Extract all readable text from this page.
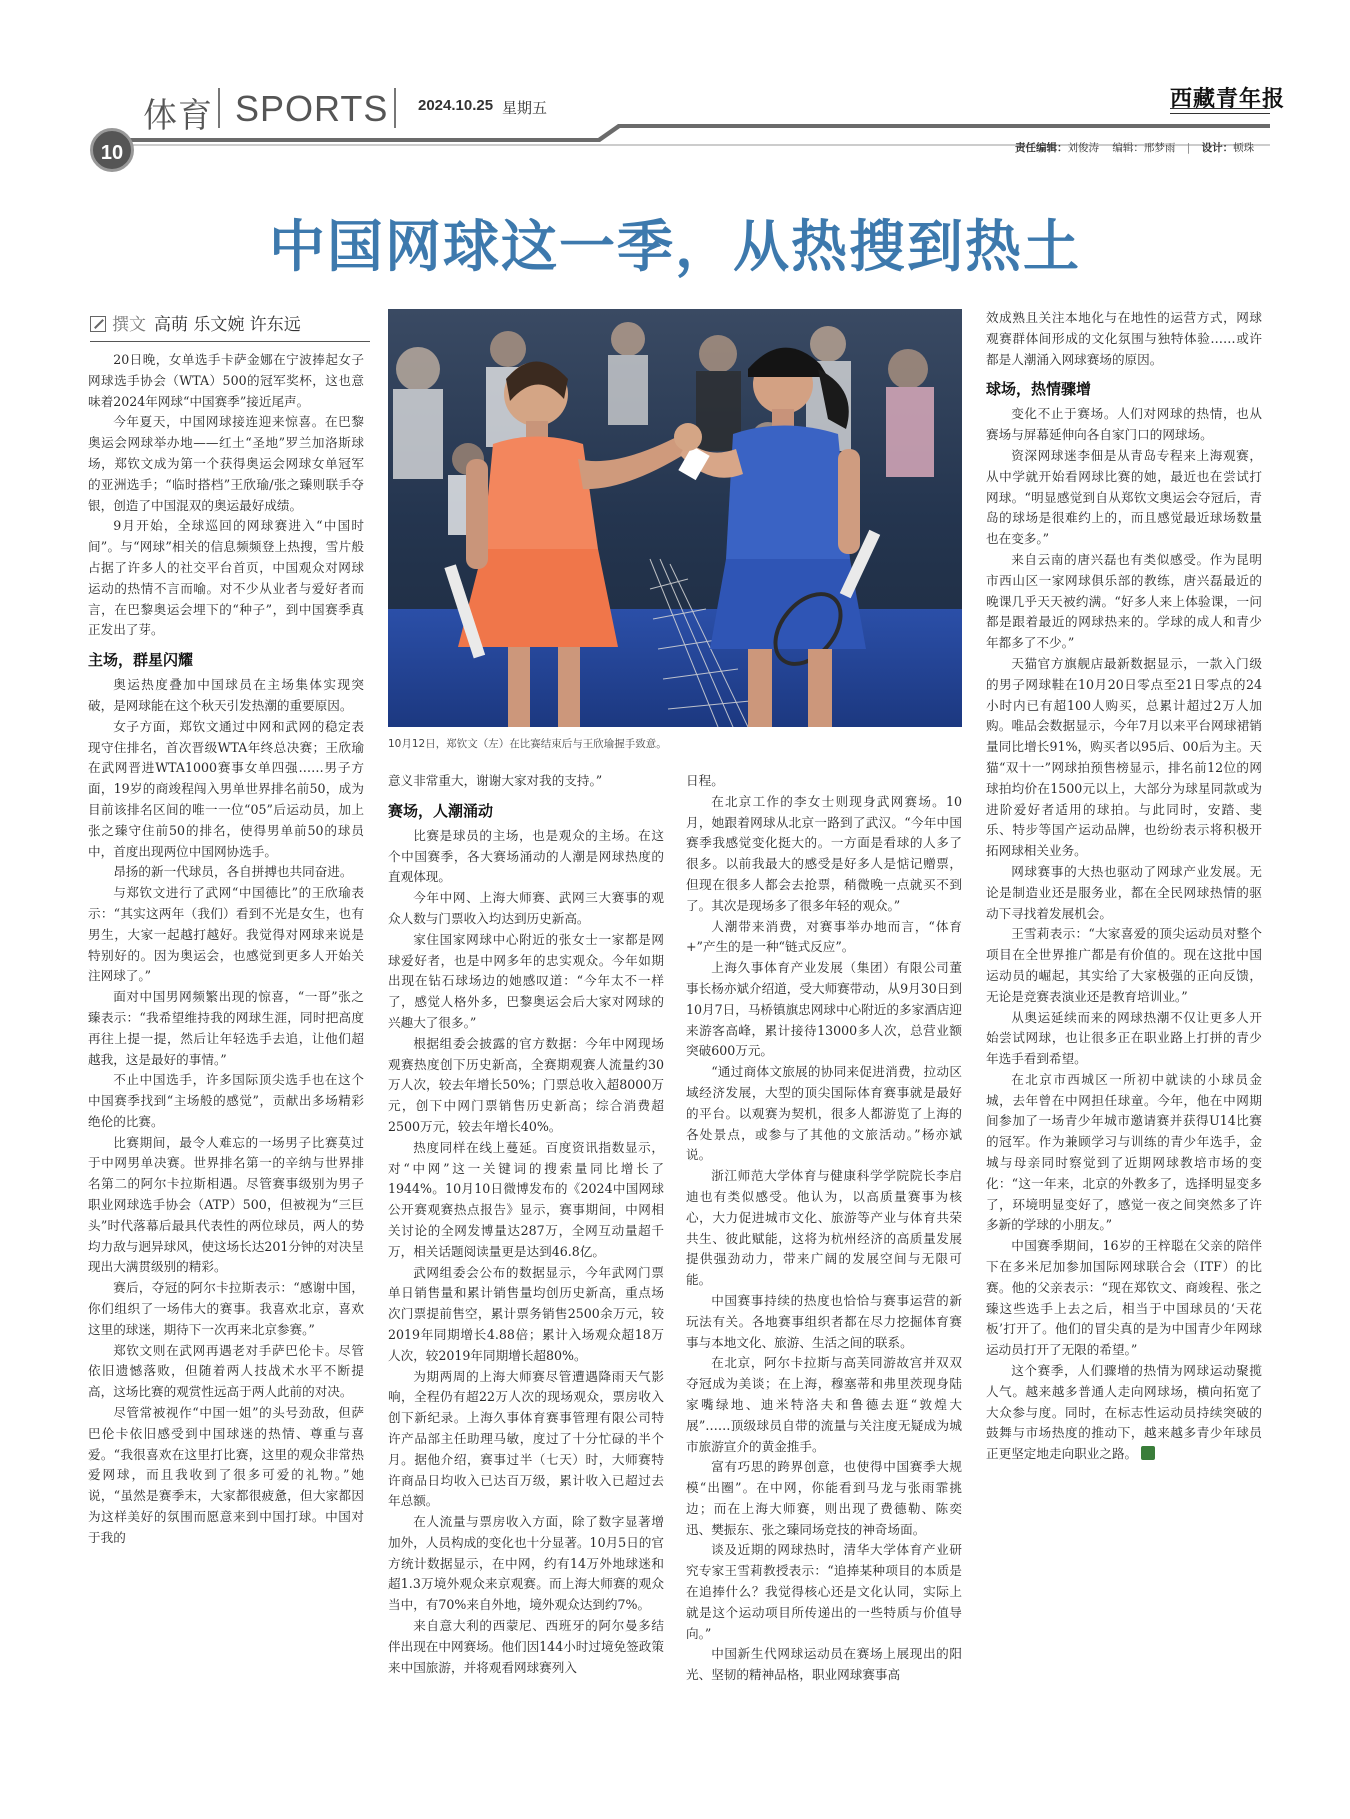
体育 SPORTS 2024.10.25 星期五	西藏青年报
10	责任编辑：刘俊涛 编辑：邢梦雨 | 设计：顿珠
中国网球这一季，从热搜到热土
撰文 高萌 乐文婉 许东远
10月12日，郑钦文（左）在比赛结束后与王欣瑜握手致意。

20日晚，女单选手卡萨金娜在宁波捧起女子网球选手协会（WTA）500的冠军奖杯，这也意味着2024年网球“中国赛季”接近尾声。

今年夏天，中国网球接连迎来惊喜。在巴黎奥运会网球举办地——红土“圣地”罗兰加洛斯球场，郑钦文成为第一个获得奥运会网球女单冠军的亚洲选手；“临时搭档”王欣瑜/张之臻则联手夺银，创造了中国混双的奥运最好成绩。

9月开始，全球巡回的网球赛进入“中国时间”。与“网球”相关的信息频频登上热搜，雪片般占据了许多人的社交平台首页，中国观众对网球运动的热情不言而喻。对不少从业者与爱好者而言，在巴黎奥运会埋下的“种子”，到中国赛季真正发出了芽。

主场，群星闪耀

奥运热度叠加中国球员在主场集体实现突破，是网球能在这个秋天引发热潮的重要原因。

女子方面，郑钦文通过中网和武网的稳定表现守住排名，首次晋级WTA年终总决赛；王欣瑜在武网晋进WTA1000赛事女单四强……男子方面，19岁的商竣程闯入男单世界排名前50，成为目前该排名区间的唯一一位“05”后运动员，加上张之臻守住前50的排名，使得男单前50的球员中，首度出现两位中国网协选手。

昂扬的新一代球员，各自拼搏也共同奋进。

与郑钦文进行了武网“中国德比”的王欣瑜表示：“其实这两年（我们）看到不光是女生，也有男生，大家一起越打越好。我觉得对网球来说是特别好的。因为奥运会，也感觉到更多人开始关注网球了。”

面对中国男网频繁出现的惊喜，“一哥”张之臻表示：“我希望维持我的网球生涯，同时把高度再往上提一提，然后让年轻选手去追，让他们超越我，这是最好的事情。”

不止中国选手，许多国际顶尖选手也在这个中国赛季找到“主场般的感觉”，贡献出多场精彩绝伦的比赛。

比赛期间，最令人难忘的一场男子比赛莫过于中网男单决赛。世界排名第一的辛纳与世界排名第二的阿尔卡拉斯相遇。尽管赛事级别为男子职业网球选手协会（ATP）500，但被视为“三巨头”时代落幕后最具代表性的两位球员，两人的势均力敌与迥异球风，使这场长达201分钟的对决呈现出大满贯级别的精彩。

赛后，夺冠的阿尔卡拉斯表示：“感谢中国，你们组织了一场伟大的赛事。我喜欢北京，喜欢这里的球迷，期待下一次再来北京参赛。”

郑钦文则在武网再遇老对手萨巴伦卡。尽管依旧遗憾落败，但随着两人技战术水平不断提高，这场比赛的观赏性远高于两人此前的对决。

尽管常被视作“中国一姐”的头号劲敌，但萨巴伦卡依旧感受到中国球迷的热情、尊重与喜爱。“我很喜欢在这里打比赛，这里的观众非常热爱网球，而且我收到了很多可爱的礼物。”她说，“虽然是赛季末，大家都很疲惫，但大家都因为这样美好的氛围而愿意来到中国打球。中国对于我的

意义非常重大，谢谢大家对我的支持。”

赛场，人潮涌动

比赛是球员的主场，也是观众的主场。在这个中国赛季，各大赛场涌动的人潮是网球热度的直观体现。

今年中网、上海大师赛、武网三大赛事的观众人数与门票收入均达到历史新高。

家住国家网球中心附近的张女士一家都是网球爱好者，也是中网多年的忠实观众。今年如期出现在钻石球场边的她感叹道：“今年太不一样了，感觉人格外多，巴黎奥运会后大家对网球的兴趣大了很多。”

根据组委会披露的官方数据：今年中网现场观赛热度创下历史新高，全赛期观赛人流量约30万人次，较去年增长50%；门票总收入超8000万元，创下中网门票销售历史新高；综合消费超2500万元，较去年增长40%。

热度同样在线上蔓延。百度资讯指数显示，对“中网”这一关键词的搜索量同比增长了1944%。10月10日微博发布的《2024中国网球公开赛观赛热点报告》显示，赛事期间，中网相关讨论的全网发博量达287万，全网互动量超千万，相关话题阅读量更是达到46.8亿。

武网组委会公布的数据显示，今年武网门票单日销售量和累计销售量均创历史新高，重点场次门票提前售空，累计票务销售2500余万元，较2019年同期增长4.88倍；累计入场观众超18万人次，较2019年同期增长超80%。

为期两周的上海大师赛尽管遭遇降雨天气影响，全程仍有超22万人次的现场观众，票房收入创下新纪录。上海久事体育赛事管理有限公司特许产品部主任助理马敏，度过了十分忙碌的半个月。据他介绍，赛事过半（七天）时，大师赛特许商品日均收入已达百万级，累计收入已超过去年总额。

在人流量与票房收入方面，除了数字显著增加外，人员构成的变化也十分显著。10月5日的官方统计数据显示，在中网，约有14万外地球迷和超1.3万境外观众来京观赛。而上海大师赛的观众当中，有70%来自外地，境外观众达到约7%。

来自意大利的西蒙尼、西班牙的阿尔曼多结伴出现在中网赛场。他们因144小时过境免签政策来中国旅游，并将观看网球赛列入

日程。

在北京工作的李女士则现身武网赛场。10月，她跟着网球从北京一路到了武汉。“今年中国赛季我感觉变化挺大的。一方面是看球的人多了很多。以前我最大的感受是好多人是惦记赠票，但现在很多人都会去抢票，稍微晚一点就买不到了。其次是现场多了很多年轻的观众。”

人潮带来消费，对赛事举办地而言，“体育+”产生的是一种“链式反应”。

上海久事体育产业发展（集团）有限公司董事长杨亦斌介绍道，受大师赛带动，从9月30日到10月7日，马桥镇旗忠网球中心附近的多家酒店迎来游客高峰，累计接待13000多人次，总营业额突破600万元。

“通过商体文旅展的协同来促进消费，拉动区域经济发展，大型的顶尖国际体育赛事就是最好的平台。以观赛为契机，很多人都游览了上海的各处景点，或参与了其他的文旅活动。”杨亦斌说。

浙江师范大学体育与健康科学学院院长李启迪也有类似感受。他认为，以高质量赛事为核心，大力促进城市文化、旅游等产业与体育共荣共生、彼此赋能，这将为杭州经济的高质量发展提供强劲动力，带来广阔的发展空间与无限可能。

中国赛事持续的热度也恰恰与赛事运营的新玩法有关。各地赛事组织者都在尽力挖掘体育赛事与本地文化、旅游、生活之间的联系。

在北京，阿尔卡拉斯与高芙同游故宫并双双夺冠成为美谈；在上海，穆塞蒂和弗里茨现身陆家嘴绿地、迪米特洛夫和鲁德去逛“敦煌大展”……顶级球员自带的流量与关注度无疑成为城市旅游宣介的黄金推手。

富有巧思的跨界创意，也使得中国赛季大规模“出圈”。在中网，你能看到马龙与张雨霏挑边；而在上海大师赛，则出现了费德勒、陈奕迅、樊振东、张之臻同场竞技的神奇场面。

谈及近期的网球热时，清华大学体育产业研究专家王雪莉教授表示：“追捧某种项目的本质是在追捧什么？我觉得核心还是文化认同，实际上就是这个运动项目所传递出的一些特质与价值导向。”

中国新生代网球运动员在赛场上展现出的阳光、坚韧的精神品格，职业网球赛事高

效成熟且关注本地化与在地性的运营方式，网球观赛群体间形成的文化氛围与独特体验……或许都是人潮涌入网球赛场的原因。

球场，热情骤增

变化不止于赛场。人们对网球的热情，也从赛场与屏幕延伸向各自家门口的网球场。

资深网球迷李佃是从青岛专程来上海观赛，从中学就开始看网球比赛的她，最近也在尝试打网球。“明显感觉到自从郑钦文奥运会夺冠后，青岛的球场是很难约上的，而且感觉最近球场数量也在变多。”

来自云南的唐兴磊也有类似感受。作为昆明市西山区一家网球俱乐部的教练，唐兴磊最近的晚课几乎天天被约满。“好多人来上体验课，一问都是跟着最近的网球热来的。学球的成人和青少年都多了不少。”

天猫官方旗舰店最新数据显示，一款入门级的男子网球鞋在10月20日零点至21日零点的24小时内已有超100人购买，总累计超过2万人加购。唯品会数据显示，今年7月以来平台网球裙销量同比增长91%，购买者以95后、00后为主。天猫“双十一”网球拍预售榜显示，排名前12位的网球拍均价在1500元以上，大部分为球星同款或为进阶爱好者适用的球拍。与此同时，安踏、斐乐、特步等国产运动品牌，也纷纷表示将积极开拓网球相关业务。

网球赛事的大热也驱动了网球产业发展。无论是制造业还是服务业，都在全民网球热情的驱动下寻找着发展机会。

王雪莉表示：“大家喜爱的顶尖运动员对整个项目在全世界推广都是有价值的。现在这批中国运动员的崛起，其实给了大家极强的正向反馈，无论是竞赛表演业还是教育培训业。”

从奥运延续而来的网球热潮不仅让更多人开始尝试网球，也让很多正在职业路上打拼的青少年选手看到希望。

在北京市西城区一所初中就读的小球员金城，去年曾在中网担任球童。今年，他在中网期间参加了一场青少年城市邀请赛并获得U14比赛的冠军。作为兼顾学习与训练的青少年选手，金城与母亲同时察觉到了近期网球教培市场的变化：“这一年来，北京的外教多了，选择明显变多了，环境明显变好了，感觉一夜之间突然多了许多新的学球的小朋友。”

中国赛季期间，16岁的王梓聪在父亲的陪伴下在多米尼加参加国际网球联合会（ITF）的比赛。他的父亲表示：“现在郑钦文、商竣程、张之臻这些选手上去之后，相当于中国球员的‘天花板’打开了。他们的冒尖真的是为中国青少年网球运动员打开了无限的希望。”

这个赛季，人们骤增的热情为网球运动聚揽人气。越来越多普通人走向网球场，横向拓宽了大众参与度。同时，在标志性运动员持续突破的鼓舞与市场热度的推动下，越来越多青少年球员正更坚定地走向职业之路。
